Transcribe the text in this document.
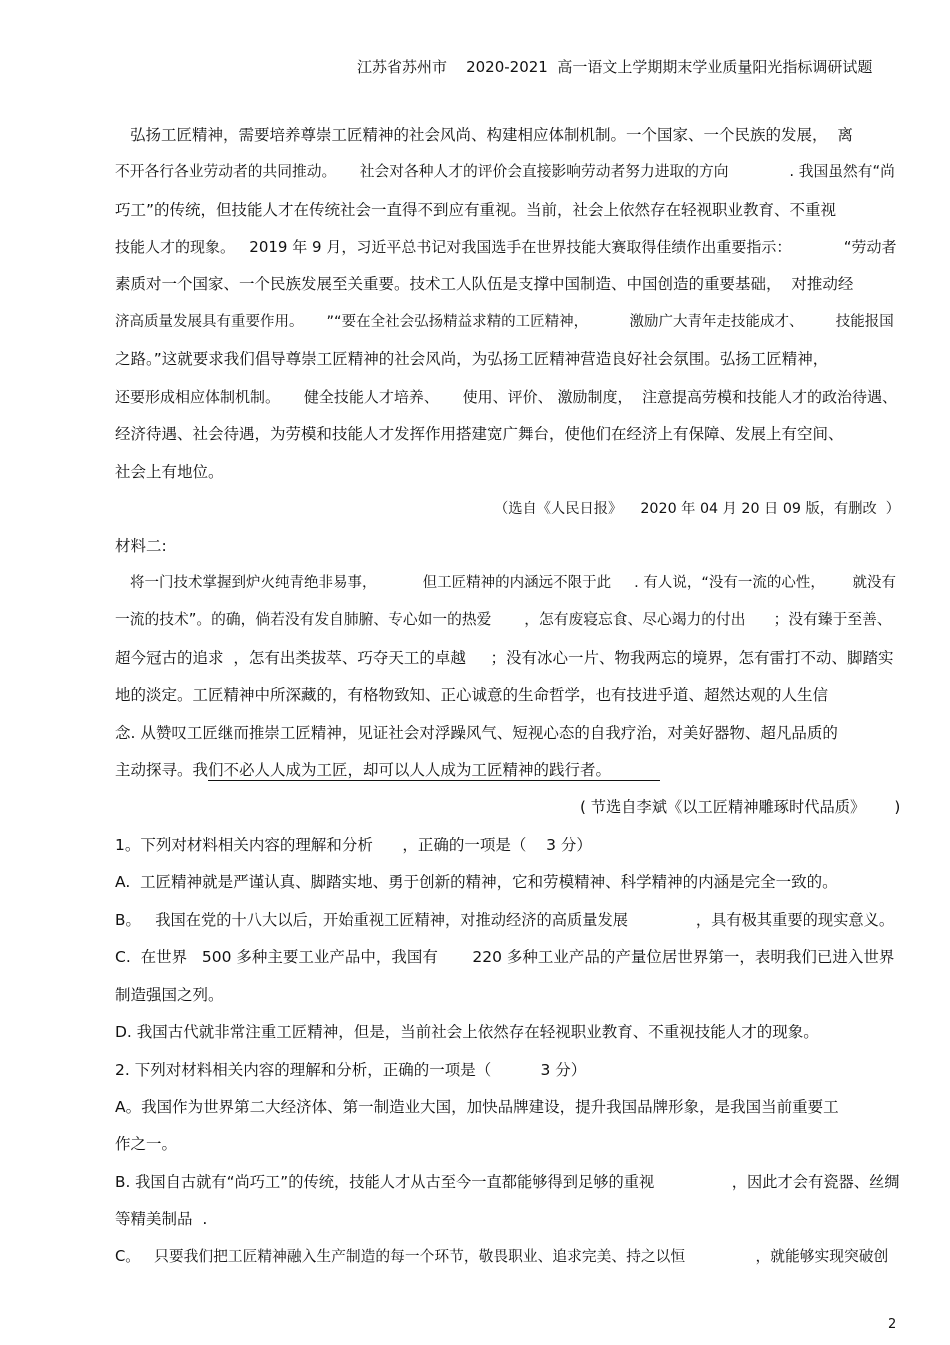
江苏省苏州市    2020-2021  高一语文上学期期末学业质量阳光指标调研试题
弘扬工匠精神，需要培养尊崇工匠精神的社会风尚、构建相应体制机制。一个国家、一个民族的发展，  离
不开各行各业劳动者的共同推动。     社会对各种人才的评价会直接影响劳动者努力进取的方向             . 我国虽然有“尚
巧工”的传统，但技能人才在传统社会一直得不到应有重视。当前，社会上依然存在轻视职业教育、不重视
技能人才的现象。   2019 年 9 月，习近平总书记对我国选手在世界技能大赛取得佳绩作出重要指示：           “劳动者
素质对一个国家、一个民族发展至关重要。技术工人队伍是支撑中国制造、中国创造的重要基础，  对推动经
济高质量发展具有重要作用。     ”“要在全社会弘扬精益求精的工匠精神，         激励广大青年走技能成才、       技能报国
之路。”这就要求我们倡导尊崇工匠精神的社会风尚，为弘扬工匠精神营造良好社会氛围。弘扬工匠精神，
还要形成相应体制机制。     健全技能人才培养、     使用、评价、 激励制度，  注意提高劳模和技能人才的政治待遇、
经济待遇、社会待遇，为劳模和技能人才发挥作用搭建宽广舞台，使他们在经济上有保障、发展上有空间、
社会上有地位。
（选自《人民日报》    2020 年 04 月 20 日 09 版，有删改  ）
材料二:
将一门技术掌握到炉火纯青绝非易事，          但工匠精神的内涵远不限于此     . 有人说，“没有一流的心性，      就没有
一流的技术”。的确，倘若没有发自肺腑、专心如一的热爱       ，怎有废寝忘食、尽心竭力的付出      ；没有臻于至善、
超今冠古的追求  ，怎有出类拔萃、巧夺天工的卓越     ；没有冰心一片、物我两忘的境界，怎有雷打不动、脚踏实
地的淡定。工匠精神中所深藏的，有格物致知、正心诚意的生命哲学，也有技进乎道、超然达观的人生信
念. 从赞叹工匠继而推崇工匠精神，见证社会对浮躁风气、短视心态的自我疗治，对美好器物、超凡品质的
主动探寻。我们不必人人成为工匠，却可以人人成为工匠精神的践行者。
( 节选自李斌《以工匠精神雕琢时代品质》      )
1。下列对材料相关内容的理解和分析      ，正确的一项是（    3 分）
A.  工匠精神就是严谨认真、脚踏实地、勇于创新的精神，它和劳模精神、科学精神的内涵是完全一致的。
B。   我国在党的十八大以后，开始重视工匠精神，对推动经济的高质量发展              ，具有极其重要的现实意义。
C.  在世界   500 多种主要工业产品中，我国有       220 多种工业产品的产量位居世界第一，表明我们已进入世界
制造强国之列。
D. 我国古代就非常注重工匠精神，但是，当前社会上依然存在轻视职业教育、不重视技能人才的现象。
2. 下列对材料相关内容的理解和分析，正确的一项是（          3 分）
A。我国作为世界第二大经济体、第一制造业大国，加快品牌建设，提升我国品牌形象，是我国当前重要工
作之一。
B. 我国自古就有“尚巧工”的传统，技能人才从古至今一直都能够得到足够的重视                ，因此才会有瓷器、丝绸
等精美制品  .
C。   只要我们把工匠精神融入生产制造的每一个环节，敬畏职业、追求完美、持之以恒               ，就能够实现突破创
2
